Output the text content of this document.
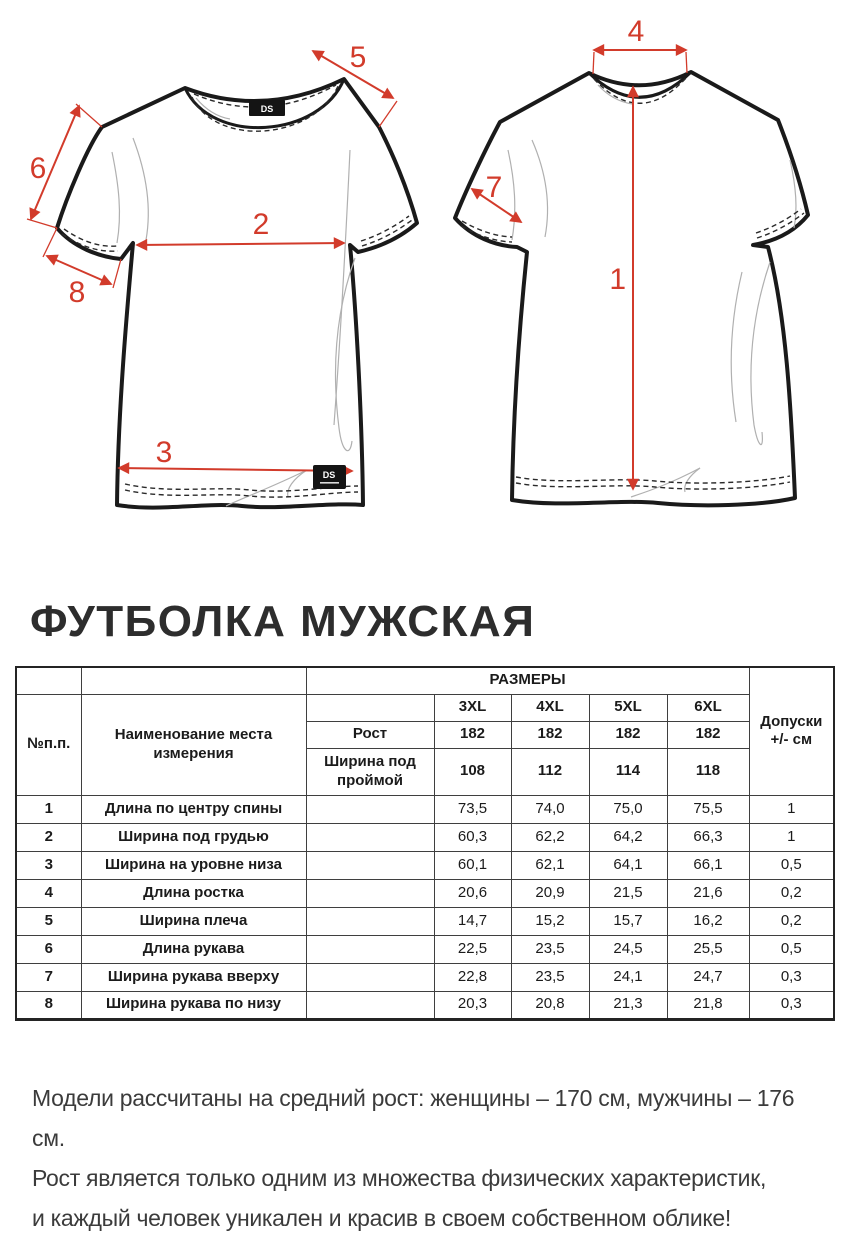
DS
DS
5
6
2
8
3
4
1
7
ФУТБОЛКА МУЖСКАЯ
		РАЗМЕРЫ					Допуски +/- см
№п.п.	Наименование места измерения		3XL	4XL	5XL	6XL	
		Рост	182	182	182	182	
		Ширина под проймой	108	112	114	118	
1	Длина по центру спины		73,5	74,0	75,0	75,5	1
2	Ширина под грудью		60,3	62,2	64,2	66,3	1
3	Ширина на уровне низа		60,1	62,1	64,1	66,1	0,5
4	Длина ростка		20,6	20,9	21,5	21,6	0,2
5	Ширина плеча		14,7	15,2	15,7	16,2	0,2
6	Длина рукава		22,5	23,5	24,5	25,5	0,5
7	Ширина рукава вверху		22,8	23,5	24,1	24,7	0,3
8	Ширина рукава по низу		20,3	20,8	21,3	21,8	0,3
Модели рассчитаны на средний рост: женщины – 170 см, мужчины – 176 см.
Рост является только одним из множества физических характеристик,
и каждый человек уникален и красив в своем собственном облике!
